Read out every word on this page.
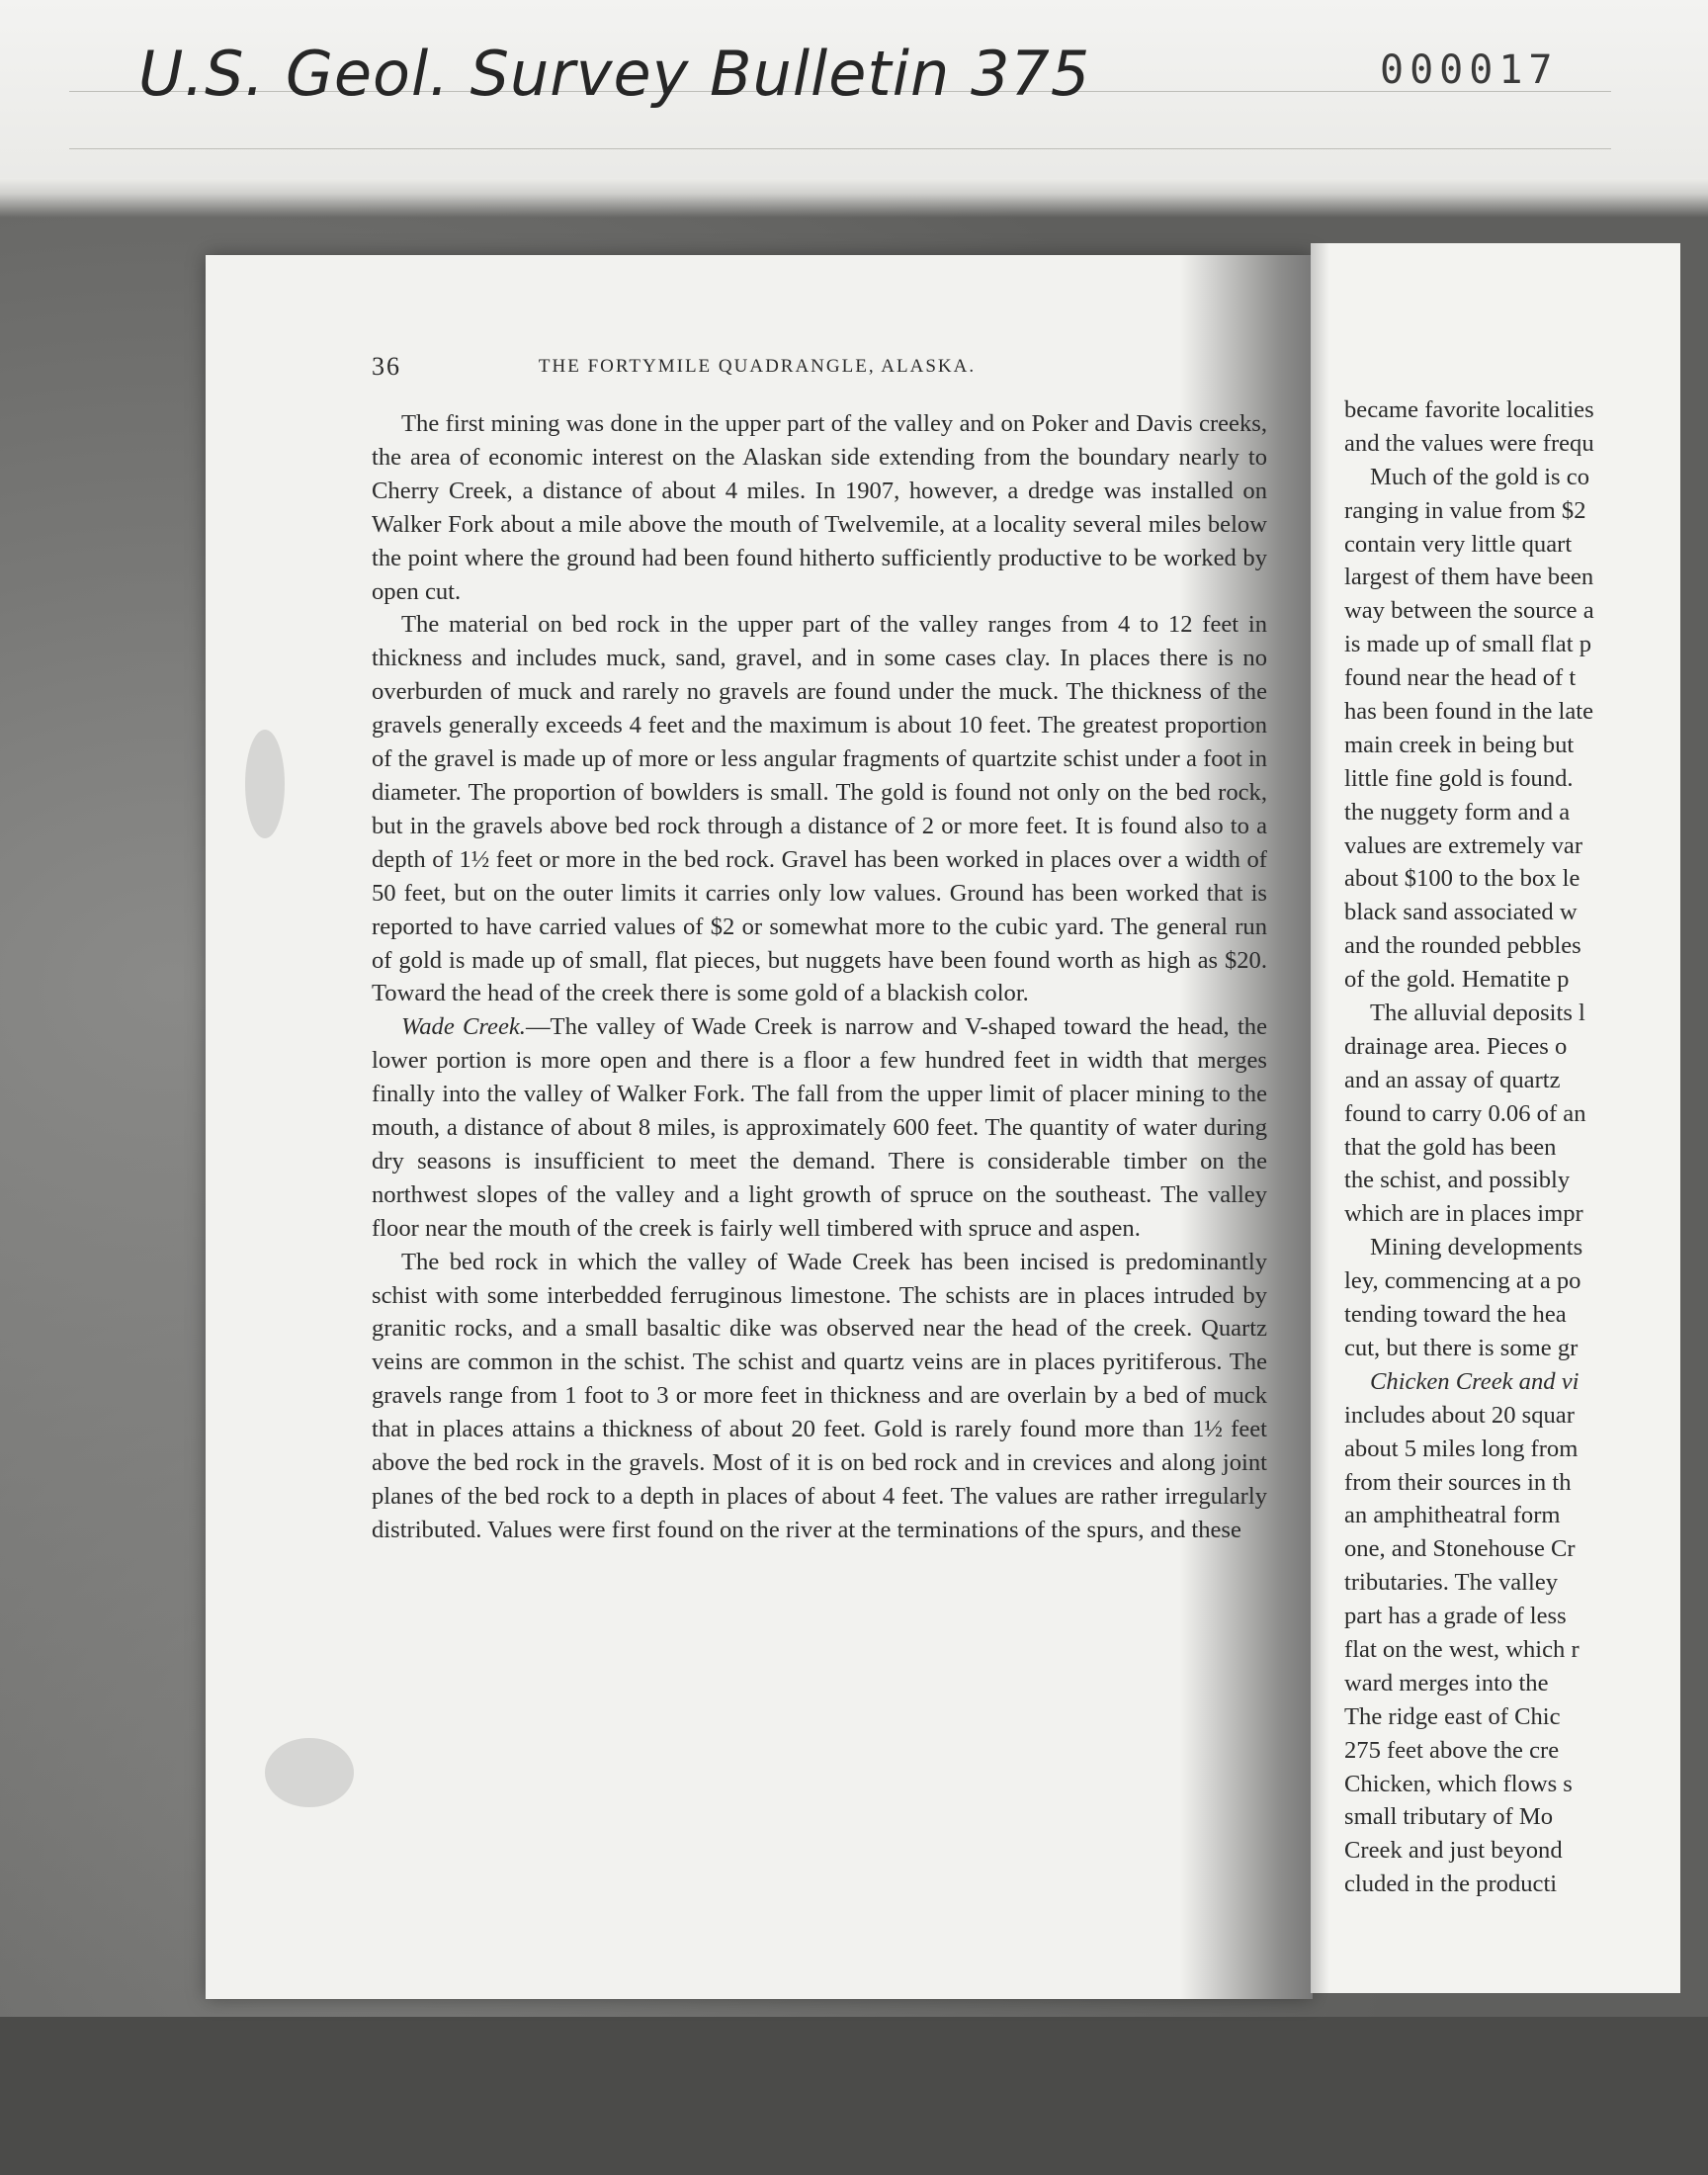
U.S. Geol. Survey Bulletin 375	000017
36	THE FORTYMILE QUADRANGLE, ALASKA.

The first mining was done in the upper part of the valley and on Poker and Davis creeks, the area of economic interest on the Alaskan side extending from the boundary nearly to Cherry Creek, a distance of about 4 miles. In 1907, however, a dredge was installed on Walker Fork about a mile above the mouth of Twelvemile, at a locality several miles below the point where the ground had been found hitherto sufficiently productive to be worked by open cut.

The material on bed rock in the upper part of the valley ranges from 4 to 12 feet in thickness and includes muck, sand, gravel, and in some cases clay. In places there is no overburden of muck and rarely no gravels are found under the muck. The thickness of the gravels generally exceeds 4 feet and the maximum is about 10 feet. The greatest proportion of the gravel is made up of more or less angular fragments of quartzite schist under a foot in diameter. The proportion of bowlders is small. The gold is found not only on the bed rock, but in the gravels above bed rock through a distance of 2 or more feet. It is found also to a depth of 1½ feet or more in the bed rock. Gravel has been worked in places over a width of 50 feet, but on the outer limits it carries only low values. Ground has been worked that is reported to have carried values of $2 or somewhat more to the cubic yard. The general run of gold is made up of small, flat pieces, but nuggets have been found worth as high as $20. Toward the head of the creek there is some gold of a blackish color.

Wade Creek.—The valley of Wade Creek is narrow and V-shaped toward the head, the lower portion is more open and there is a floor a few hundred feet in width that merges finally into the valley of Walker Fork. The fall from the upper limit of placer mining to the mouth, a distance of about 8 miles, is approximately 600 feet. The quantity of water during dry seasons is insufficient to meet the demand. There is considerable timber on the northwest slopes of the valley and a light growth of spruce on the southeast. The valley floor near the mouth of the creek is fairly well timbered with spruce and aspen.

The bed rock in which the valley of Wade Creek has been incised is predominantly schist with some interbedded ferruginous limestone. The schists are in places intruded by granitic rocks, and a small basaltic dike was observed near the head of the creek. Quartz veins are common in the schist. The schist and quartz veins are in places pyritiferous. The gravels range from 1 foot to 3 or more feet in thickness and are overlain by a bed of muck that in places attains a thickness of about 20 feet. Gold is rarely found more than 1½ feet above the bed rock in the gravels. Most of it is on bed rock and in crevices and along joint planes of the bed rock to a depth in places of about 4 feet. The values are rather irregularly distributed. Values were first found on the river at the terminations of the spurs, and these

became favorite localities
and the values were frequ
Much of the gold is co
ranging in value from $2
contain very little quart
largest of them have been
way between the source a
is made up of small flat p
found near the head of t
has been found in the late
main creek in being but
little fine gold is found.
the nuggety form and a
values are extremely var
about $100 to the box le
black sand associated w
and the rounded pebbles
of the gold. Hematite p
The alluvial deposits l
drainage area. Pieces o
and an assay of quartz
found to carry 0.06 of an
that the gold has been
the schist, and possibly
which are in places impr
Mining developments
ley, commencing at a po
tending toward the hea
cut, but there is some gr
Chicken Creek and vi
includes about 20 squar
about 5 miles long from
from their sources in th
an amphitheatral form
one, and Stonehouse Cr
tributaries. The valley
part has a grade of less
flat on the west, which r
ward merges into the
The ridge east of Chic
275 feet above the cre
Chicken, which flows s
small tributary of Mo
Creek and just beyond
cluded in the producti
